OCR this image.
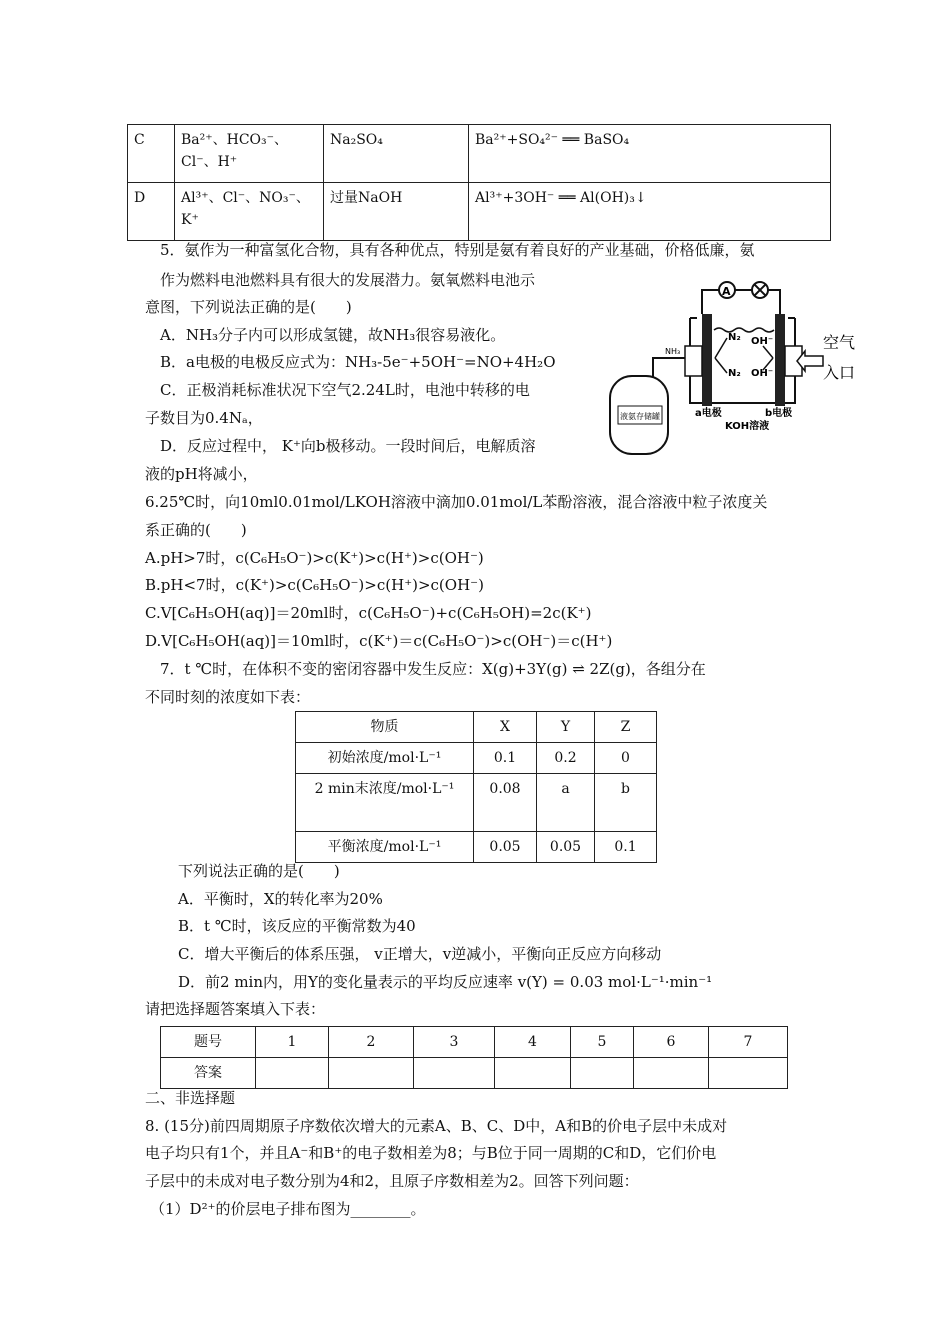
C	Ba²⁺、HCO₃⁻、Cl⁻、H⁺	Na₂SO₄	Ba²⁺+SO₄²⁻ ══ BaSO₄
D	Al³⁺、Cl⁻、NO₃⁻、K⁺	过量NaOH	Al³⁺+3OH⁻ ══ Al(OH)₃↓
5．氨作为一种富氢化合物，具有各种优点，特别是氨有着良好的产业基础，价格低廉，氨
作为燃料电池燃料具有很大的发展潜力。氨氧燃料电池示
意图，下列说法正确的是(　　)
A．NH₃分子内可以形成氢键，故NH₃很容易液化。
B．a电极的电极反应式为：NH₃-5e⁻+5OH⁻=NO+4H₂O
C．正极消耗标准状况下空气2.24L时，电池中转移的电
子数目为0.4Nₐ，
D．反应过程中， K⁺向b极移动。一段时间后，电解质溶
液的pH将减小，
A
N₂
N₂
OH⁻
OH⁻
空气
入口
NH₃
液氨存储罐	a电极	b电极
KOH溶液
6.25℃时，向10ml0.01mol/LKOH溶液中滴加0.01mol/L苯酚溶液，混合溶液中粒子浓度关
系正确的(　　)
A.pH>7时，c(C₆H₅O⁻)>c(K⁺)>c(H⁺)>c(OH⁻)
B.pH<7时，c(K⁺)>c(C₆H₅O⁻)>c(H⁺)>c(OH⁻)
C.V[C₆H₅OH(aq)]＝20ml时，c(C₆H₅O⁻)+c(C₆H₅OH)=2c(K⁺)
D.V[C₆H₅OH(aq)]＝10ml时，c(K⁺)＝c(C₆H₅O⁻)>c(OH⁻)＝c(H⁺)
7．t ℃时，在体积不变的密闭容器中发生反应：X(g)+3Y(g) ⇌ 2Z(g)，各组分在
不同时刻的浓度如下表：
物质	X	Y	Z
初始浓度/mol·L⁻¹	0.1	0.2	0
2 min末浓度/mol·L⁻¹	0.08	a	b
平衡浓度/mol·L⁻¹	0.05	0.05	0.1
下列说法正确的是(　　)
A．平衡时，X的转化率为20%
B．t ℃时，该反应的平衡常数为40
C．增大平衡后的体系压强， v正增大，v逆减小，平衡向正反应方向移动
D．前2 min内，用Y的变化量表示的平均反应速率 v(Y) = 0.03 mol·L⁻¹·min⁻¹
请把选择题答案填入下表：
题号	1	2	3	4	5	6	7
答案							
二、非选择题
8. (15分)前四周期原子序数依次增大的元素A、B、C、D中，A和B的价电子层中未成对
电子均只有1个，并且A⁻和B⁺的电子数相差为8；与B位于同一周期的C和D，它们价电
子层中的未成对电子数分别为4和2，且原子序数相差为2。回答下列问题：
（1）D²⁺的价层电子排布图为________。
